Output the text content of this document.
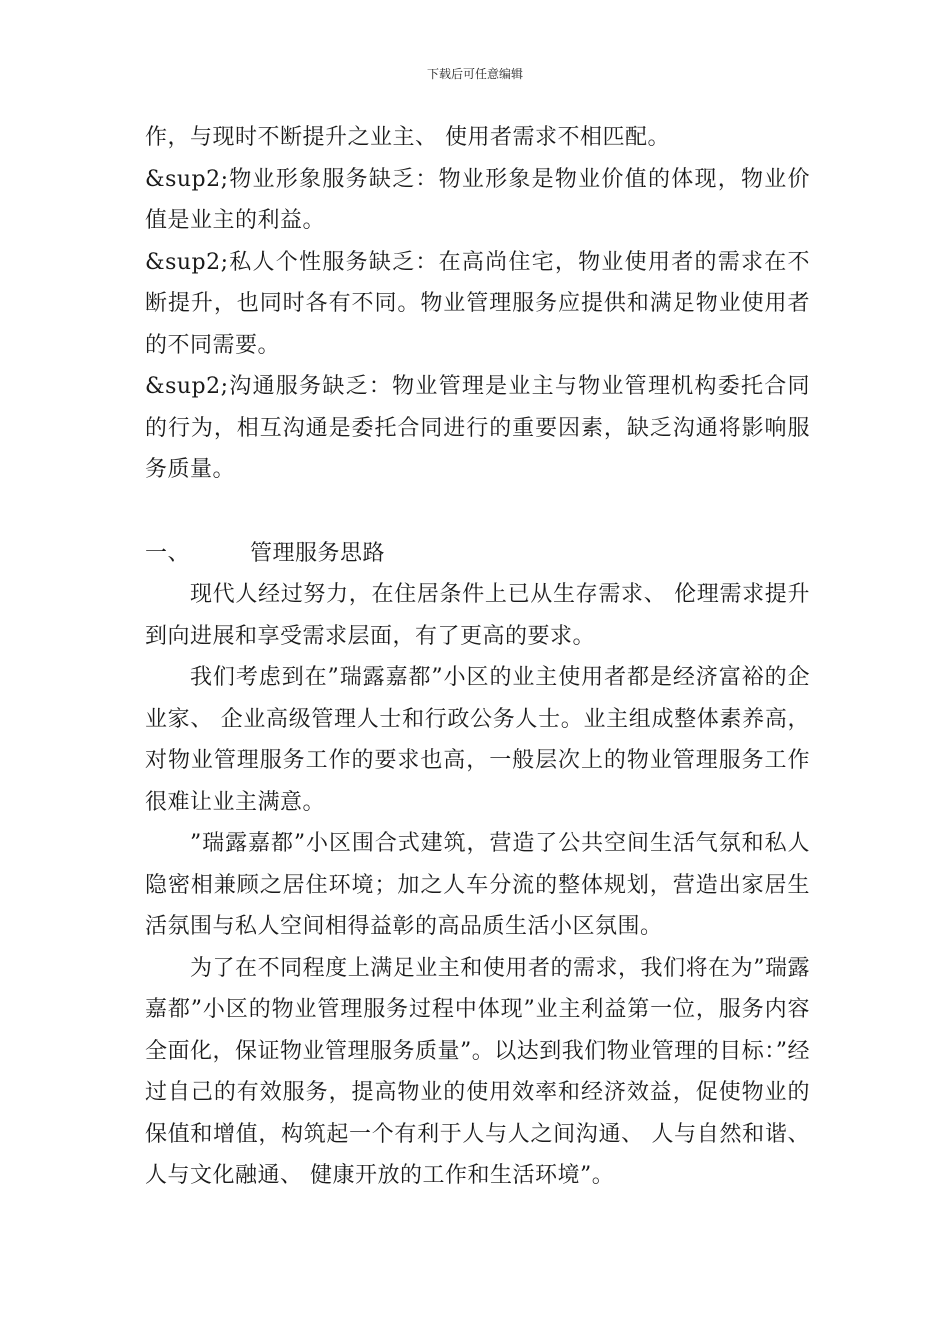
下载后可任意编辑

作，与现时不断提升之业主、 使用者需求不相匹配。

&sup2;物业形象服务缺乏：物业形象是物业价值的体现，物业价值是业主的利益。

&sup2;私人个性服务缺乏：在高尚住宅，物业使用者的需求在不断提升，也同时各有不同。物业管理服务应提供和满足物业使用者的不同需要。

&sup2;沟通服务缺乏：物业管理是业主与物业管理机构委托合同的行为，相互沟通是委托合同进行的重要因素，缺乏沟通将影响服务质量。

一、	管理服务思路

现代人经过努力，在住居条件上已从生存需求、 伦理需求提升到向进展和享受需求层面，有了更高的要求。

我们考虑到在”瑞露嘉都”小区的业主使用者都是经济富裕的企业家、 企业高级管理人士和行政公务人士。业主组成整体素养高，对物业管理服务工作的要求也高，一般层次上的物业管理服务工作很难让业主满意。

”瑞露嘉都”小区围合式建筑，营造了公共空间生活气氛和私人隐密相兼顾之居住环境；加之人车分流的整体规划，营造出家居生活氛围与私人空间相得益彰的高品质生活小区氛围。

为了在不同程度上满足业主和使用者的需求，我们将在为”瑞露嘉都”小区的物业管理服务过程中体现”业主利益第一位，服务内容全面化，保证物业管理服务质量”。以达到我们物业管理的目标：”经过自己的有效服务，提高物业的使用效率和经济效益，促使物业的保值和增值，构筑起一个有利于人与人之间沟通、 人与自然和谐、 人与文化融通、 健康开放的工作和生活环境”。
